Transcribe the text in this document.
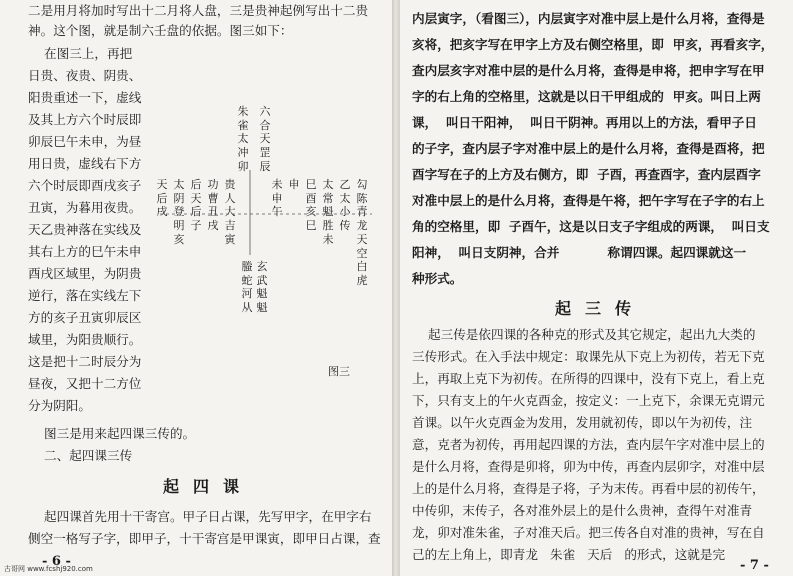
二是用月将加时写出十二月将人盘，三是贵神起例写出十二贵
神。这个图，就是制六壬盘的依据。图三如下：
在图三上，再把
日贵、夜贵、阴贵、
阳贵重述一下，虚线
及其上方六个时辰即
卯辰巳午未申，为昼
用日贵，虚线右下方
六个时辰即酉戌亥子
丑寅，为暮用夜贵。
天乙贵神落在实线及
其右上方的巳午未申
酉戌区域里，为阴贵
逆行，落在实线左下
方的亥子丑寅卯辰区
域里，为阳贵顺行。
这是把十二时辰分为
昼夜，又把十二方位
分为阴阳。
图三是用来起四课三传的。
二、起四课三传
起四课
起四课首先用十干寄宫。甲子日占课，先写甲字，在甲字右
侧空一格写子字，即甲子，十干寄宫是甲课寅，即甲日占课，查
- 6 -
古哥网 www.fcshj920.com
朱雀太冲卯
六合天罡辰
勾陈青龙天空白虎
乙太小传
太常魁胜未
巳酉亥巳
申
未申午
太阴登明亥
玄武魁魁
后天后子
功曹丑戌
贵人大吉寅
螣蛇河从
天后戌
图三
内层寅字，（看图三），内层寅字对准中层上是什么月将，查得是
亥将，把亥字写在甲字上方及右侧空格里，即  甲亥，再看亥字，
查内层亥字对准中层的是什么月将，查得是申将，把申字写在甲
字的右上角的空格里，这就是以日干甲组成的  甲亥。叫日上两
课，  叫日干阳神，  叫日干阴神。再用以上的方法，看甲子日
的子字，查内层子字对准中层上的是什么月将，查得是酉将，把
酉字写在子的上方及右侧方，即  子酉，再查酉字，查内层酉字
对准中层上的是什么月将，查得是午将，把午字写在子字的右上
角的空格里，即  子酉午，这是以日支子字组成的两课，  叫日支
阳神，  叫日支阴神，合并           称谓四课。起四课就这一
种形式。
起三传
起三传是依四课的各种克的形式及其它规定，起出九大类的
三传形式。在入手法中规定：取课先从下克上为初传，若无下克
上，再取上克下为初传。在所得的四课中，没有下克上，看上克
下，只有支上的午火克酉金，按定义：一上克下，余课无克谓元
首课。以午火克酉金为发用，发用就初传，即以午为初传，注
意，克者为初传，再用起四课的方法，查内层午字对准中层上的
是什么月将，查得是卯将，卯为中传，再查内层卯字，对准中层
上的是什么月将，查得是子将，子为末传。再看中层的初传午，
中传卯，末传子，各对准外层上的是什么贵神，查得午对准青
龙，卯对准朱雀，子对准天后。把三传各自对准的贵神，写在自
己的左上角上，即青龙   朱雀   天后   的形式，这就是完
- 7 -
